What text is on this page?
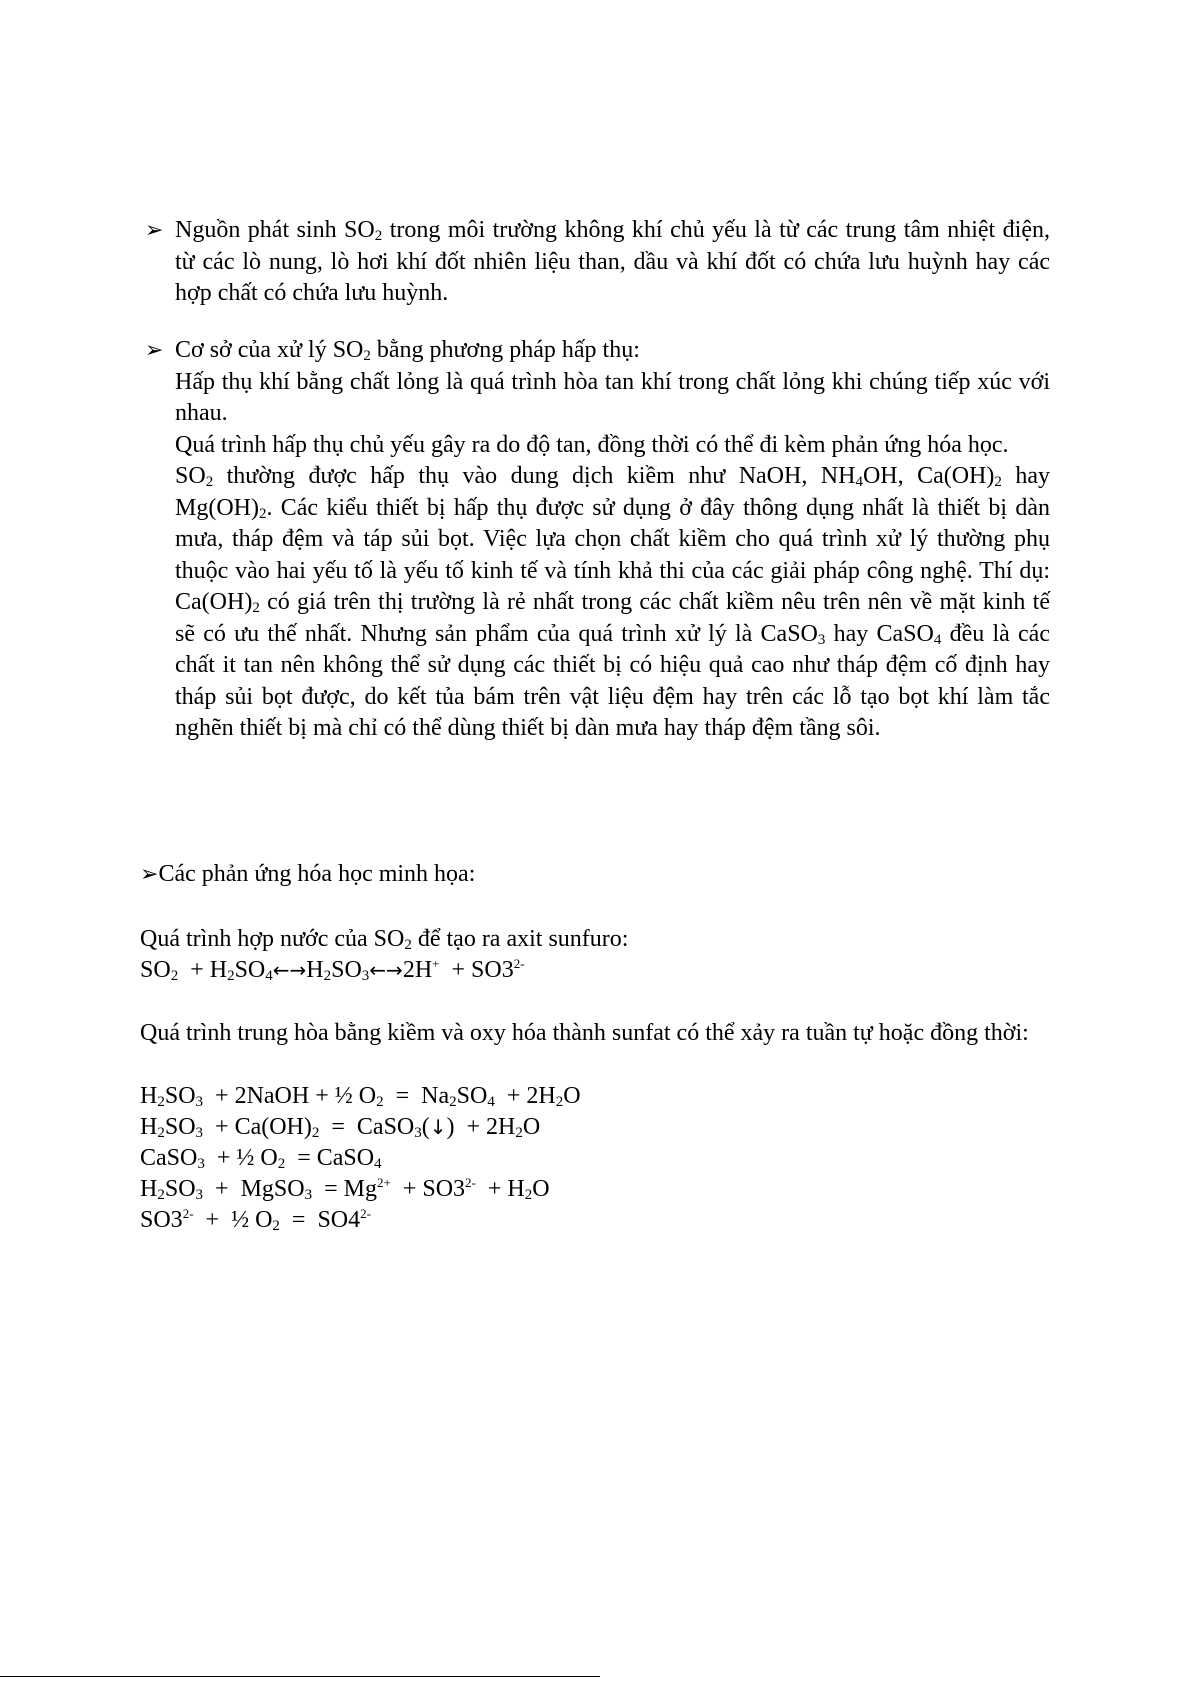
➢ Nguồn phát $\sinh SO_2$ trong môi trường không khí chủ yếu là từ các trung tâm nhiệt điện, từ các lò nung, lò hơi khí đốt nhiên liệu than, dầu và khí đốt có chứa lưu huỳnh hay các hợp chất có chứa lưu huỳnh.

➢ Cơ sở của xử lý $SO_2$ bằng phương pháp hấp thụ:

Hấp thụ khí bằng chất lỏng là quá trình hòa tan khí trong chất lỏng khi chúng tiếp xúc với nhau.

Quá trình hấp thụ chủ yếu gây ra do độ tan, đồng thời có thể đi kèm phản ứng hóa học.

$SO_2$ thường được hấp thụ vào dung dịch kiềm như NaOH, $NH_4OH$, $Ca(OH)_2$ hay $Mg(OH)_2$. Các kiểu thiết bị hấp thụ được sử dụng ở đây thông dụng nhất là thiết bị dàn mưa, tháp đệm và táp sủi bọt. Việc lựa chọn chất kiềm cho quá trình xử lý thường phụ thuộc vào hai yếu tố là yếu tố kinh tế và tính khả thi của các giải pháp công nghệ. Thí dụ: $Ca(OH)_2$ có giá trên thị trường là rẻ nhất trong các chất kiềm nêu trên nên về mặt kinh tế sẽ có ưu thế nhất. Nhưng sản phẩm của quá trình xử lý là CaSO$_3$ hay CaSO$_4$ đều là các chất it tan nên không thể sử dụng các thiết bị có hiệu quả cao như tháp đệm cố định hay tháp sủi bọt được, do kết tủa bám trên vật liệu đệm hay trên các lỗ tạo bọt khí làm tắc nghẽn thiết bị mà chỉ có thể dùng thiết bị dàn mưa hay tháp đệm tầng sôi.

➢Các phản ứng hóa học minh họa:
Quá trình hợp nước của $SO_2$ để tạo ra axit sunfuro:
$SO_2$  + $H_2SO_4\leftarrow\to H_2SO_3\leftarrow\to 2H^+ + SO3^{2-}$

Quá trình trung hòa bằng kiềm và oxy hóa thành sunfat có thể xảy ra tuần tự hoặc đồng thời:

$H_2SO_3$  + 2NaOH + ½ $O_2 = Na_2SO_4 + 2H_2O$
$H_2SO_3 + Ca(OH)_2$  =  CaSO$_3$(↓)  + $2H_2O$
CaSO$_3$  + ½ $O_2$  = CaSO$_4$
$H_2SO_3$  +  MgSO$_3$  = $Mg^{2+} + SO3^{2-} + H_2O$
$SO3^{2-}$  +  ½ $O_2 = SO4^{2-}$
